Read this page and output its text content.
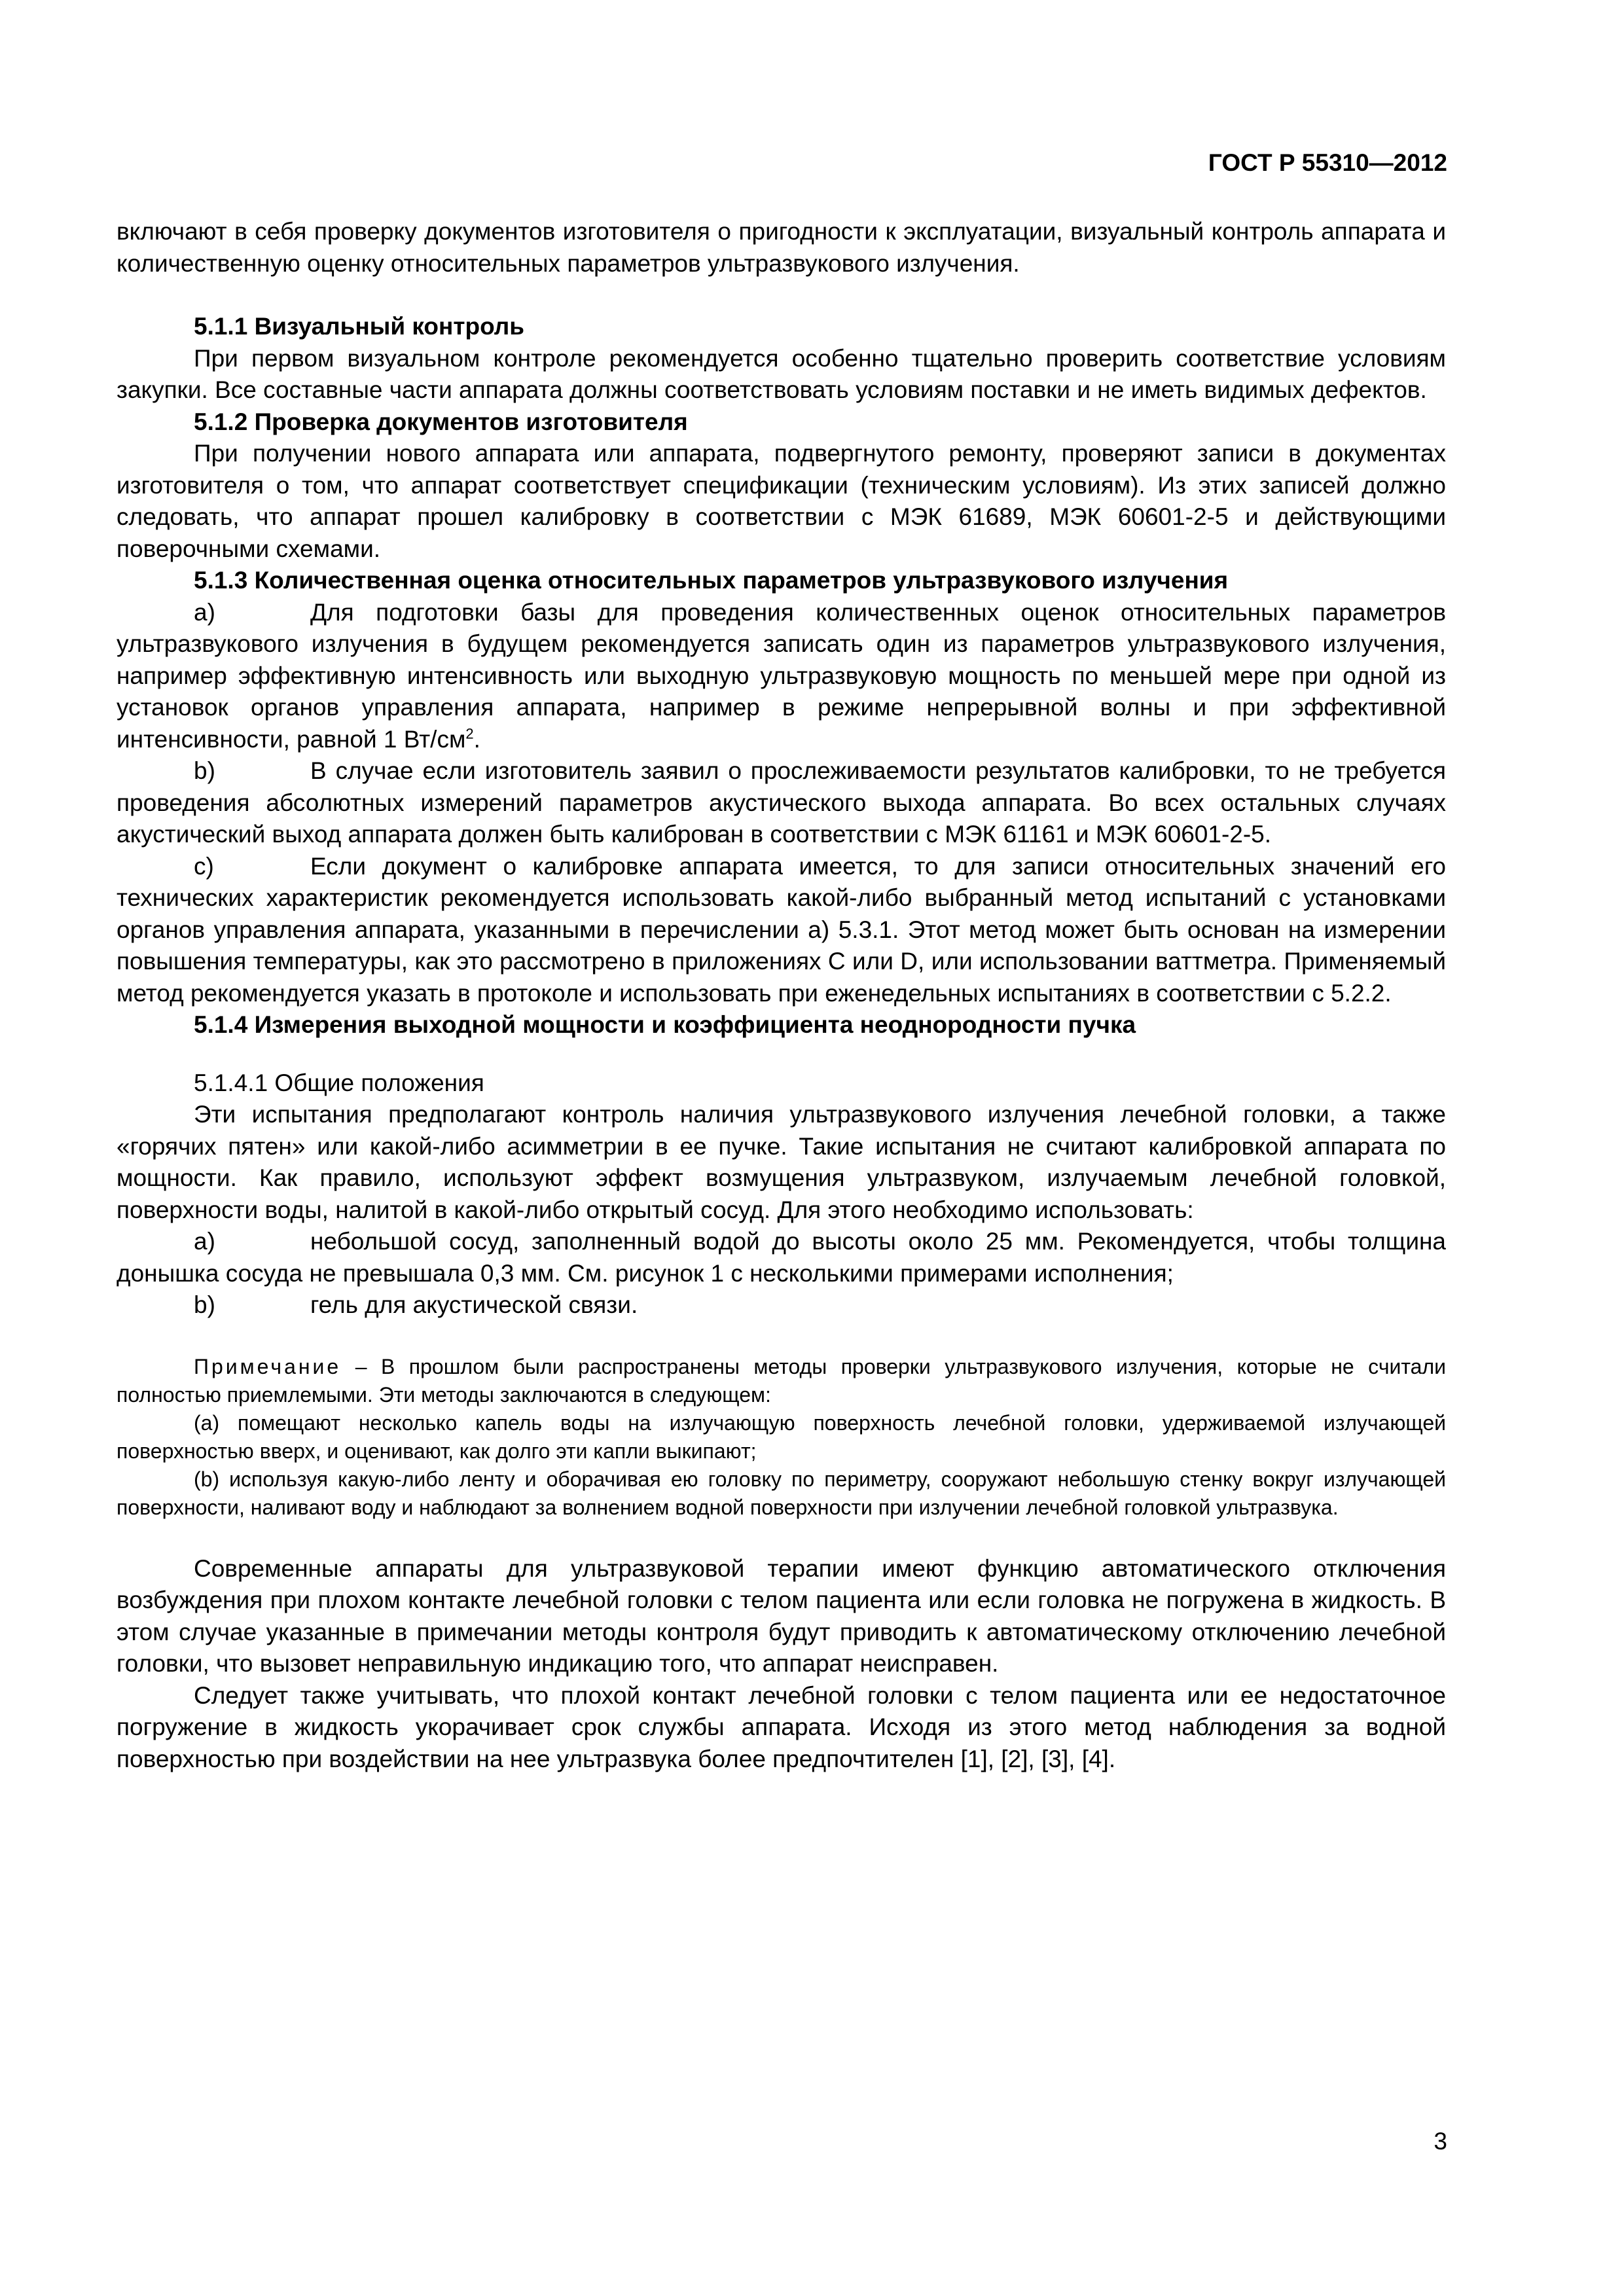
ГОСТ Р 55310—2012

включают в себя проверку документов изготовителя о пригодности к эксплуатации, визуальный контроль аппарата и количественную оценку относительных параметров ультразвукового излучения.

5.1.1 Визуальный контроль

При первом визуальном контроле рекомендуется особенно тщательно проверить соответствие условиям закупки. Все составные части аппарата должны соответствовать условиям поставки и не иметь видимых дефектов.

5.1.2 Проверка документов изготовителя

При получении нового аппарата или аппарата, подвергнутого ремонту, проверяют записи в документах изготовителя о том, что аппарат соответствует спецификации (техническим условиям). Из этих записей должно следовать, что аппарат прошел калибровку в соответствии с МЭК 61689, МЭК 60601-2-5 и действующими поверочными схемами.

5.1.3 Количественная оценка относительных параметров ультразвукового излучения

а)	Для подготовки базы для проведения количественных оценок относительных параметров ультразвукового излучения в будущем рекомендуется записать один из параметров ультразвукового излучения, например эффективную интенсивность или выходную ультразвуковую мощность по меньшей мере при одной из установок органов управления аппарата, например в режиме непрерывной волны и при эффективной интенсивности, равной 1 $Вт/см^2$.

b)	В случае если изготовитель заявил о прослеживаемости результатов калибровки, то не требуется проведения абсолютных измерений параметров акустического выхода аппарата. Во всех остальных случаях акустический выход аппарата должен быть калиброван в соответствии с МЭК 61161 и МЭК 60601-2-5.

с)	Если документ о калибровке аппарата имеется, то для записи относительных значений его технических характеристик рекомендуется использовать какой-либо выбранный метод испытаний с установками органов управления аппарата, указанными в перечислении а) 5.3.1. Этот метод может быть основан на измерении повышения температуры, как это рассмотрено в приложениях С или D, или использовании ваттметра. Применяемый метод рекомендуется указать в протоколе и использовать при еженедельных испытаниях в соответствии с 5.2.2.

5.1.4 Измерения выходной мощности и коэффициента неоднородности пучка

5.1.4.1 Общие положения

Эти испытания предполагают контроль наличия ультразвукового излучения лечебной головки, а также «горячих пятен» или какой-либо асимметрии в ее пучке. Такие испытания не считают калибровкой аппарата по мощности. Как правило, используют эффект возмущения ультразвуком, излучаемым лечебной головкой, поверхности воды, налитой в какой-либо открытый сосуд. Для этого необходимо использовать:

а)	небольшой сосуд, заполненный водой до высоты около 25 мм. Рекомендуется, чтобы толщина донышка сосуда не превышала 0,3 мм. См. рисунок 1 с несколькими примерами исполнения;

b)	гель для акустической связи.

Примечание – В прошлом были распространены методы проверки ультразвукового излучения, которые не считали полностью приемлемыми. Эти методы заключаются в следующем:

(a) помещают несколько капель воды на излучающую поверхность лечебной головки, удерживаемой излучающей поверхностью вверх, и оценивают, как долго эти капли выкипают;

(b) используя какую-либо ленту и оборачивая ею головку по периметру, сооружают небольшую стенку вокруг излучающей поверхности, наливают воду и наблюдают за волнением водной поверхности при излучении лечебной головкой ультразвука.

Современные аппараты для ультразвуковой терапии имеют функцию автоматического отключения возбуждения при плохом контакте лечебной головки с телом пациента или если головка не погружена в жидкость. В этом случае указанные в примечании методы контроля будут приводить к автоматическому отключению лечебной головки, что вызовет неправильную индикацию того, что аппарат неисправен.

Следует также учитывать, что плохой контакт лечебной головки с телом пациента или ее недостаточное погружение в жидкость укорачивает срок службы аппарата. Исходя из этого метод наблюдения за водной поверхностью при воздействии на нее ультразвука более предпочтителен [1], [2], [3], [4].

3
